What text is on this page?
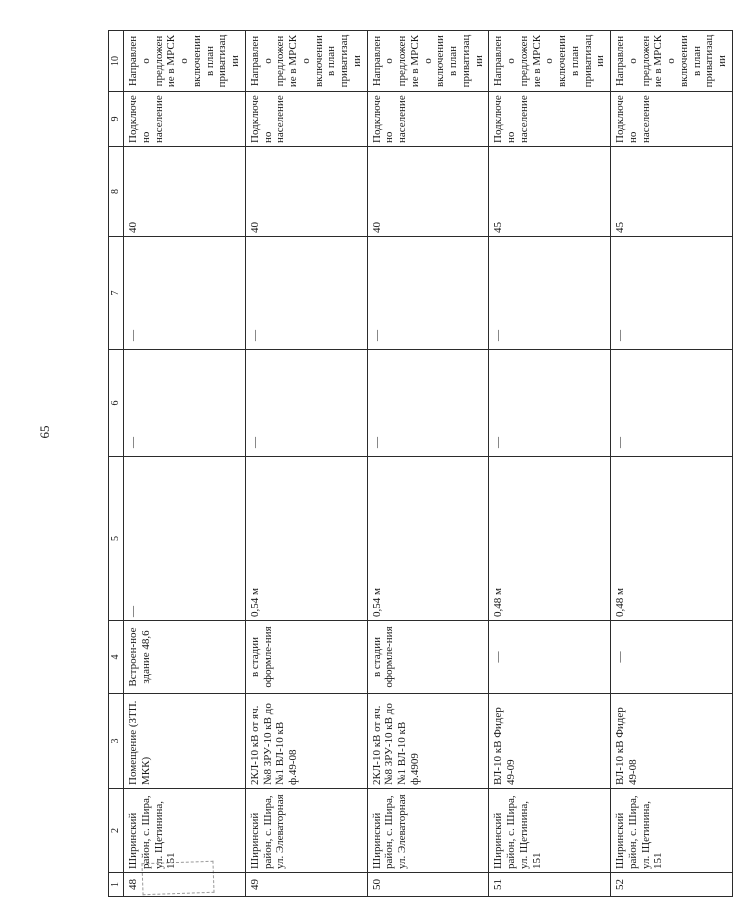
65
1	2	3	4	5	6	7	8	9	10
48	Ширинский район, с. Шира, ул. Щетинина, 151	Помещение (ЗТП. МКК)	Встроен-ное здание 48,6	—	—	—	40	Подключено население	Направлено предложение в МРСК о включении в план приватизации
49	Ширинский район, с. Шира, ул. Элеваторная	2КЛ-10 кВ от яч. №8 ЗРУ-10 кВ до №1 ВЛ-10 кВ ф.49-08	в стадии оформле-ния	0,54 м	—	—	40	Подключено население	Направлено предложение в МРСК о включении в план приватизации
50	Ширинский район, с. Шира, ул. Элеваторная	2КЛ-10 кВ от яч. №8 ЗРУ-10 кВ до №1 ВЛ-10 кВ ф.4909	в стадии оформле-ния	0,54 м	—	—	40	Подключено население	Направлено предложение в МРСК о включении в план приватизации
51	Ширинский район, с. Шира, ул. Щетинина, 151	ВЛ-10 кВ Фидер 49-09	—	0,48 м	—	—	45	Подключено население	Направлено предложение в МРСК о включении в план приватизации
52	Ширинский район, с. Шира, ул. Щетинина, 151	ВЛ-10 кВ Фидер 49-08	—	0,48 м	—	—	45	Подключено население	Направлено предложение в МРСК о включении в план приватизации
